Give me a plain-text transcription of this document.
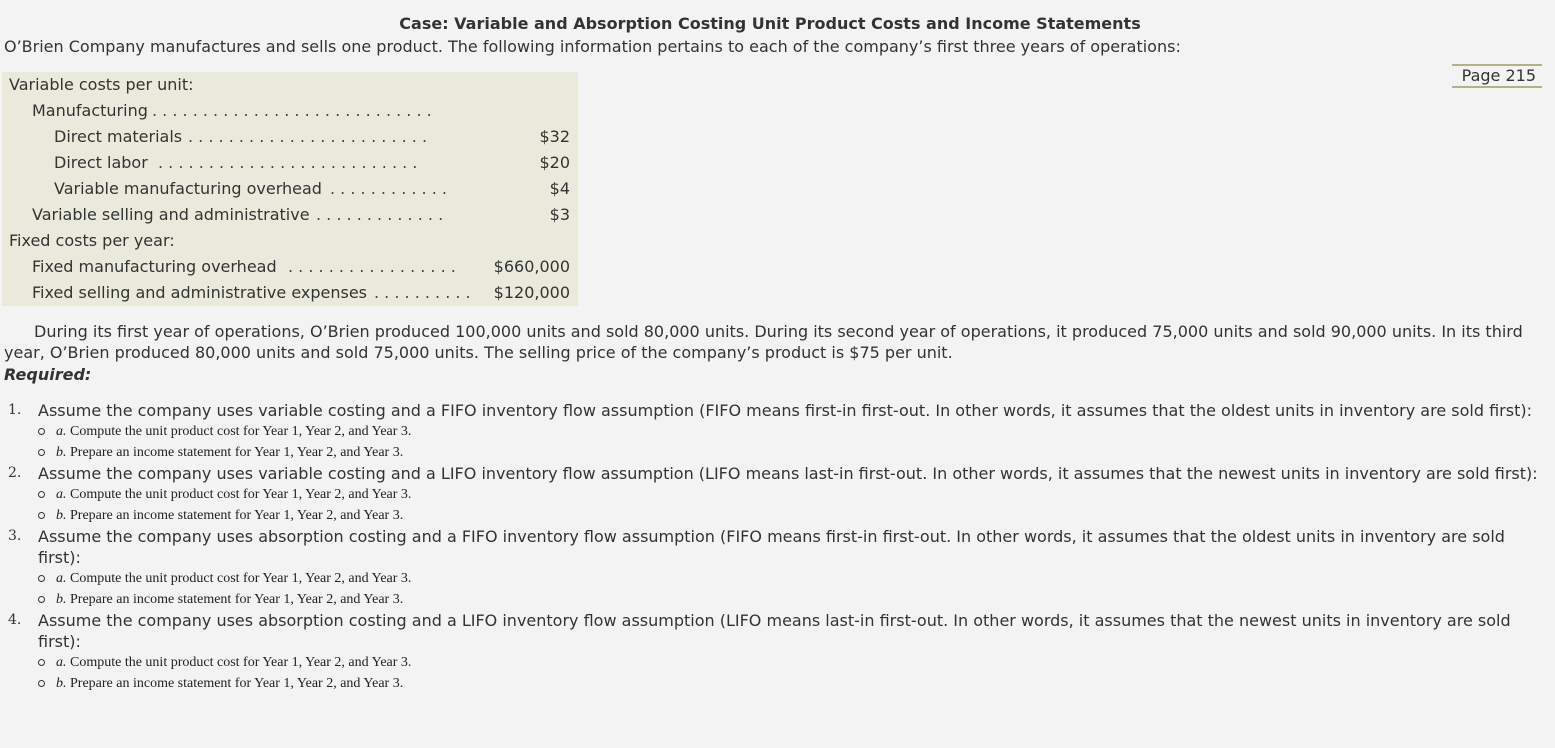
Case: Variable and Absorption Costing Unit Product Costs and Income Statements
O’Brien Company manufactures and sells one product. The following information pertains to each of the company’s first three years of operations:
Page 215
Variable costs per unit:
Manufacturing . . . . . . . . . . . . . . . . . . . . . . . . . . . .
Direct materials . . . . . . . . . . . . . . . . . . . . . . . .	$32
Direct labor . . . . . . . . . . . . . . . . . . . . . . . . . .	$20
Variable manufacturing overhead . . . . . . . . . . . .	$4
Variable selling and administrative . . . . . . . . . . . . .	$3
Fixed costs per year:
Fixed manufacturing overhead . . . . . . . . . . . . . . . . . $660,000
Fixed selling and administrative expenses . . . . . . . . . . $120,000
During its first year of operations, O’Brien produced 100,000 units and sold 80,000 units. During its second year of operations, it produced 75,000 units and sold 90,000 units. In its third year, O’Brien produced 80,000 units and sold 75,000 units. The selling price of the company’s product is $75 per unit.
Required:
1. Assume the company uses variable costing and a FIFO inventory flow assumption (FIFO means first-in first-out. In other words, it assumes that the oldest units in inventory are sold first):
a. Compute the unit product cost for Year 1, Year 2, and Year 3.
b. Prepare an income statement for Year 1, Year 2, and Year 3.
2. Assume the company uses variable costing and a LIFO inventory flow assumption (LIFO means last-in first-out. In other words, it assumes that the newest units in inventory are sold first):
a. Compute the unit product cost for Year 1, Year 2, and Year 3.
b. Prepare an income statement for Year 1, Year 2, and Year 3.
3. Assume the company uses absorption costing and a FIFO inventory flow assumption (FIFO means first-in first-out. In other words, it assumes that the oldest units in inventory are sold first):
a. Compute the unit product cost for Year 1, Year 2, and Year 3.
b. Prepare an income statement for Year 1, Year 2, and Year 3.
4. Assume the company uses absorption costing and a LIFO inventory flow assumption (LIFO means last-in first-out. In other words, it assumes that the newest units in inventory are sold first):
a. Compute the unit product cost for Year 1, Year 2, and Year 3.
b. Prepare an income statement for Year 1, Year 2, and Year 3.
